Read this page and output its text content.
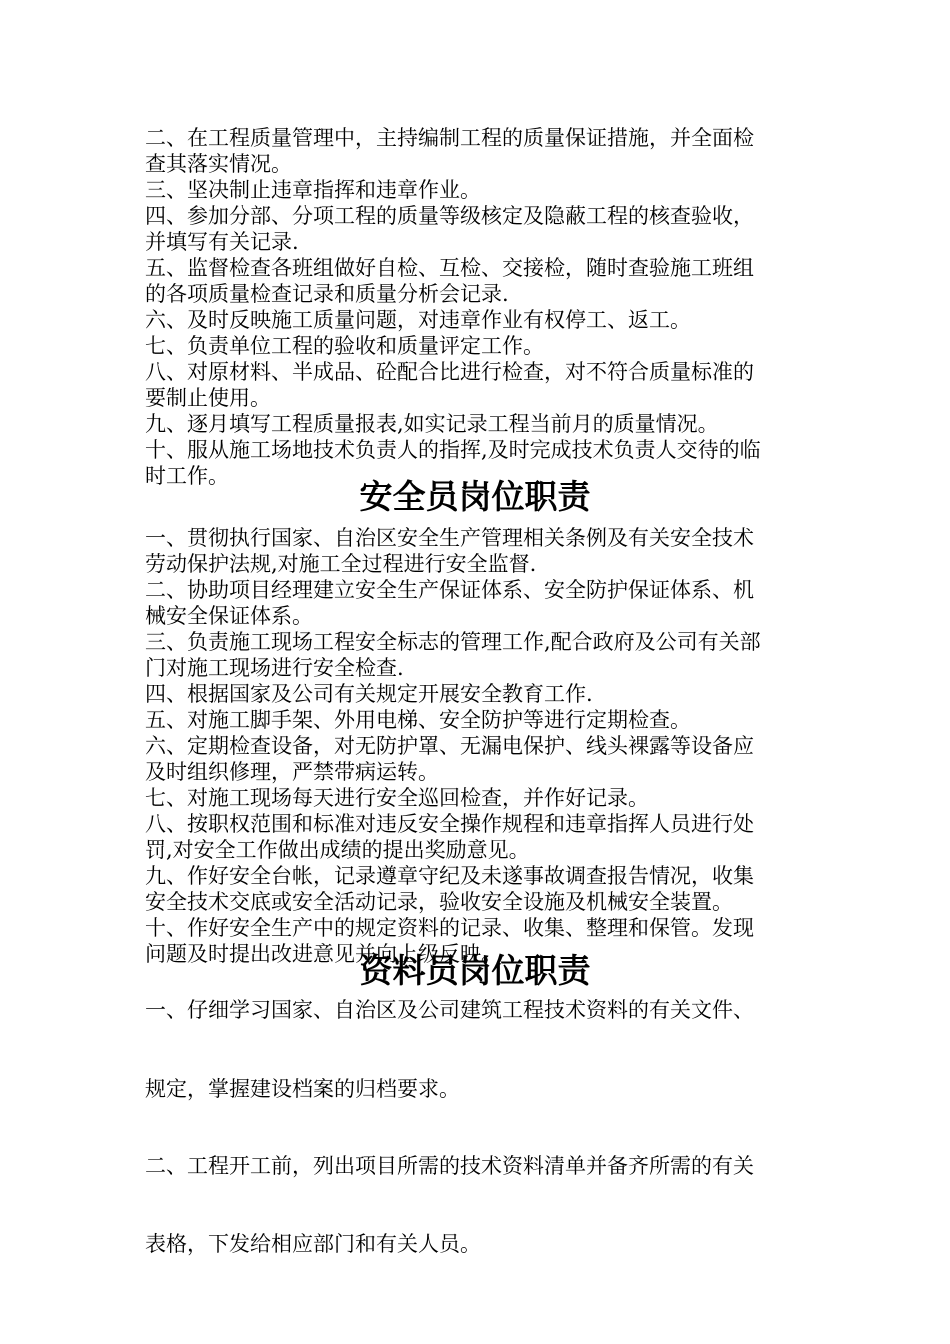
二、在工程质量管理中，主持编制工程的质量保证措施，并全面检
查其落实情况。
三、坚决制止违章指挥和违章作业。
四、参加分部、分项工程的质量等级核定及隐蔽工程的核查验收，
并填写有关记录.
五、监督检查各班组做好自检、互检、交接检，随时查验施工班组
的各项质量检查记录和质量分析会记录.
六、及时反映施工质量问题，对违章作业有权停工、返工。
七、负责单位工程的验收和质量评定工作。
八、对原材料、半成品、砼配合比进行检查，对不符合质量标准的
要制止使用。
九、逐月填写工程质量报表,如实记录工程当前月的质量情况。
十、服从施工场地技术负责人的指挥,及时完成技术负责人交待的临
时工作。
安全员岗位职责
一、贯彻执行国家、自治区安全生产管理相关条例及有关安全技术
劳动保护法规,对施工全过程进行安全监督.
二、协助项目经理建立安全生产保证体系、安全防护保证体系、机
械安全保证体系。
三、负责施工现场工程安全标志的管理工作,配合政府及公司有关部
门对施工现场进行安全检查.
四、根据国家及公司有关规定开展安全教育工作.
五、对施工脚手架、外用电梯、安全防护等进行定期检查。
六、定期检查设备，对无防护罩、无漏电保护、线头裸露等设备应
及时组织修理，严禁带病运转。
七、对施工现场每天进行安全巡回检查，并作好记录。
八、按职权范围和标准对违反安全操作规程和违章指挥人员进行处
罚,对安全工作做出成绩的提出奖励意见。
九、作好安全台帐，记录遵章守纪及未遂事故调查报告情况，收集
安全技术交底或安全活动记录，验收安全设施及机械安全装置。
十、作好安全生产中的规定资料的记录、收集、整理和保管。发现
问题及时提出改进意见并向上级反映。
资料员岗位职责
一、仔细学习国家、自治区及公司建筑工程技术资料的有关文件、
规定，掌握建设档案的归档要求。
二、工程开工前，列出项目所需的技术资料清单并备齐所需的有关
表格，下发给相应部门和有关人员。
